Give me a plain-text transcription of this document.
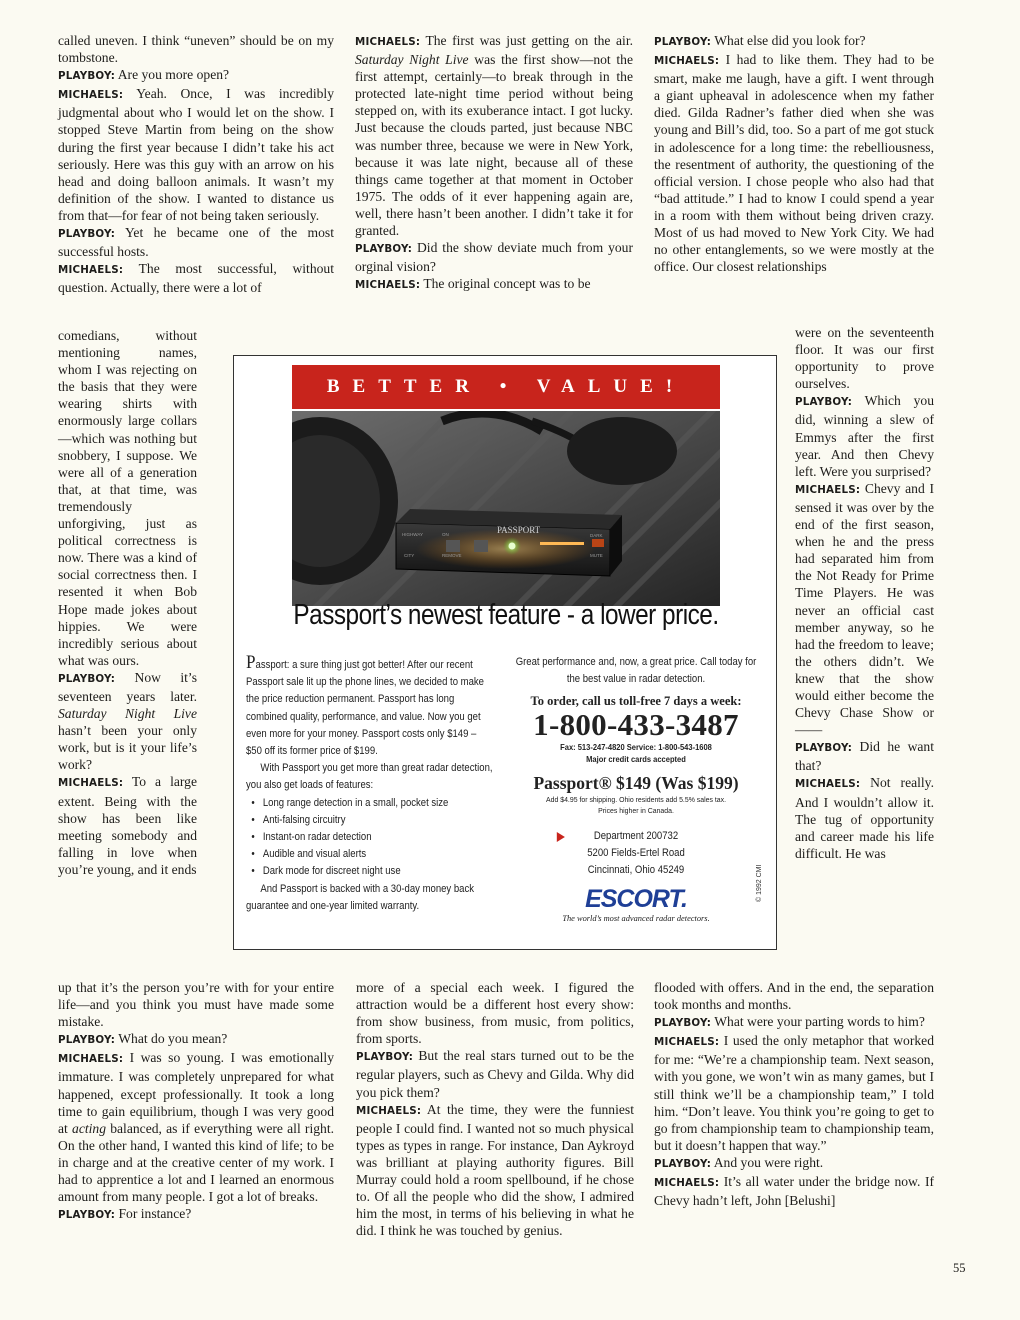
called uneven. I think “uneven” should be on my tombstone.

PLAYBOY: Are you more open?

MICHAELS: Yeah. Once, I was incredibly judgmental about who I would let on the show. I stopped Steve Martin from being on the show during the first year because I didn’t take his act seriously. Here was this guy with an arrow on his head and doing balloon animals. It wasn’t my definition of the show. I wanted to distance us from that—for fear of not being taken seriously.

PLAYBOY: Yet he became one of the most successful hosts.

MICHAELS: The most successful, without question. Actually, there were a lot of

comedians, without mentioning names, whom I was rejecting on the basis that they were wearing shirts with enormously large collars—which was nothing but snobbery, I suppose. We were all of a generation that, at that time, was tremendously unforgiving, just as political correctness is now. There was a kind of social correctness then. I resented it when Bob Hope made jokes about hippies. We were incredibly serious about what was ours.

PLAYBOY: Now it’s seventeen years later. Saturday Night Live hasn’t been your only work, but is it your life’s work?

MICHAELS: To a large extent. Being with the show has been like meeting somebody and falling in love when you’re young, and it ends

up that it’s the person you’re with for your entire life—and you think you must have made some mistake.

PLAYBOY: What do you mean?

MICHAELS: I was so young. I was emotionally immature. I was completely unprepared for what happened, except professionally. It took a long time to gain equilibrium, though I was very good at acting balanced, as if everything were all right. On the other hand, I wanted this kind of life; to be in charge and at the creative center of my work. I had to apprentice a lot and I learned an enormous amount from many people. I got a lot of breaks.

PLAYBOY: For instance?

MICHAELS: The first was just getting on the air. Saturday Night Live was the first show—not the first attempt, certainly—to break through in the protected late-night time period without being stepped on, with its exuberance intact. I got lucky. Just because the clouds parted, just because NBC was number three, because we were in New York, because it was late night, because all of these things came together at that moment in October 1975. The odds of it ever happening again are, well, there hasn’t been another. I didn’t take it for granted.

PLAYBOY: Did the show deviate much from your orginal vision?

MICHAELS: The original concept was to be

more of a special each week. I figured the attraction would be a different host every show: from show business, from music, from politics, from sports.

PLAYBOY: But the real stars turned out to be the regular players, such as Chevy and Gilda. Why did you pick them?

MICHAELS: At the time, they were the funniest people I could find. I wanted not so much physical types as types in range. For instance, Dan Aykroyd was brilliant at playing authority figures. Bill Murray could hold a room spellbound, if he chose to. Of all the people who did the show, I admired him the most, in terms of his believing in what he did. I think he was touched by genius.

PLAYBOY: What else did you look for?

MICHAELS: I had to like them. They had to be smart, make me laugh, have a gift. I went through a giant upheaval in adolescence when my father died. Gilda Radner’s father died when she was young and Bill’s did, too. So a part of me got stuck in adolescence for a long time: the rebelliousness, the resentment of authority, the questioning of the official version. I chose people who also had that “bad attitude.” I had to know I could spend a year in a room with them without being driven crazy. Most of us had moved to New York City. We had no other entanglements, so we were mostly at the office. Our closest relationships

were on the seventeenth floor. It was our first opportunity to prove ourselves.

PLAYBOY: Which you did, winning a slew of Emmys after the first year. And then Chevy left. Were you surprised?

MICHAELS: Chevy and I sensed it was over by the end of the first season, when he and the press had separated him from the Not Ready for Prime Time Players. He was never an official cast member anyway, so he had the freedom to leave; the others didn’t. We knew that the show would either become the Chevy Chase Show or——

PLAYBOY: Did he want that?

MICHAELS: Not really. And I wouldn’t allow it. The tug of opportunity and career made his life difficult. He was

flooded with offers. And in the end, the separation took months and months.

PLAYBOY: What were your parting words to him?

MICHAELS: I used the only metaphor that worked for me: “We’re a championship team. Next season, with you gone, we won’t win as many games, but I still think we’ll be a championship team,” I told him. “Don’t leave. You think you’re going to get to go from championship team to championship team, but it doesn’t happen that way.”

PLAYBOY: And you were right.

MICHAELS: It’s all water under the bridge now. If Chevy hadn’t left, John [Belushi]

BETTER • VALUE!
PASSPORT
HIGHWAY	ON
CITY	REMOVE
DARK
MUTE
Passport’s newest feature - a lower price.

Passport: a sure thing just got better! After our recent Passport sale lit up the phone lines, we decided to make the price reduction permanent. Passport has long combined quality, performance, and value. Now you get even more for your money. Passport costs only $149 – $50 off its former price of $199.

With Passport you get more than great radar detection, you also get loads of features:

• Long range detection in a small, pocket size
• Anti-falsing circuitry
• Instant-on radar detection
• Audible and visual alerts
• Dark mode for discreet night use

And Passport is backed with a 30-day money back guarantee and one-year limited warranty.

Great performance and, now, a great price. Call today for the best value in radar detection.
To order, call us toll-free 7 days a week:
1-800-433-3487
Fax: 513-247-4820 Service: 1-800-543-1608
Major credit cards accepted
Passport® $149 (Was $199)
Add $4.95 for shipping. Ohio residents add 5.5% sales tax.
Prices higher in Canada.
Department 200732
5200 Fields-Ertel Road
Cincinnati, Ohio 45249
ESCORT.
The world’s most advanced radar detectors.
© 1992 CMI
55
